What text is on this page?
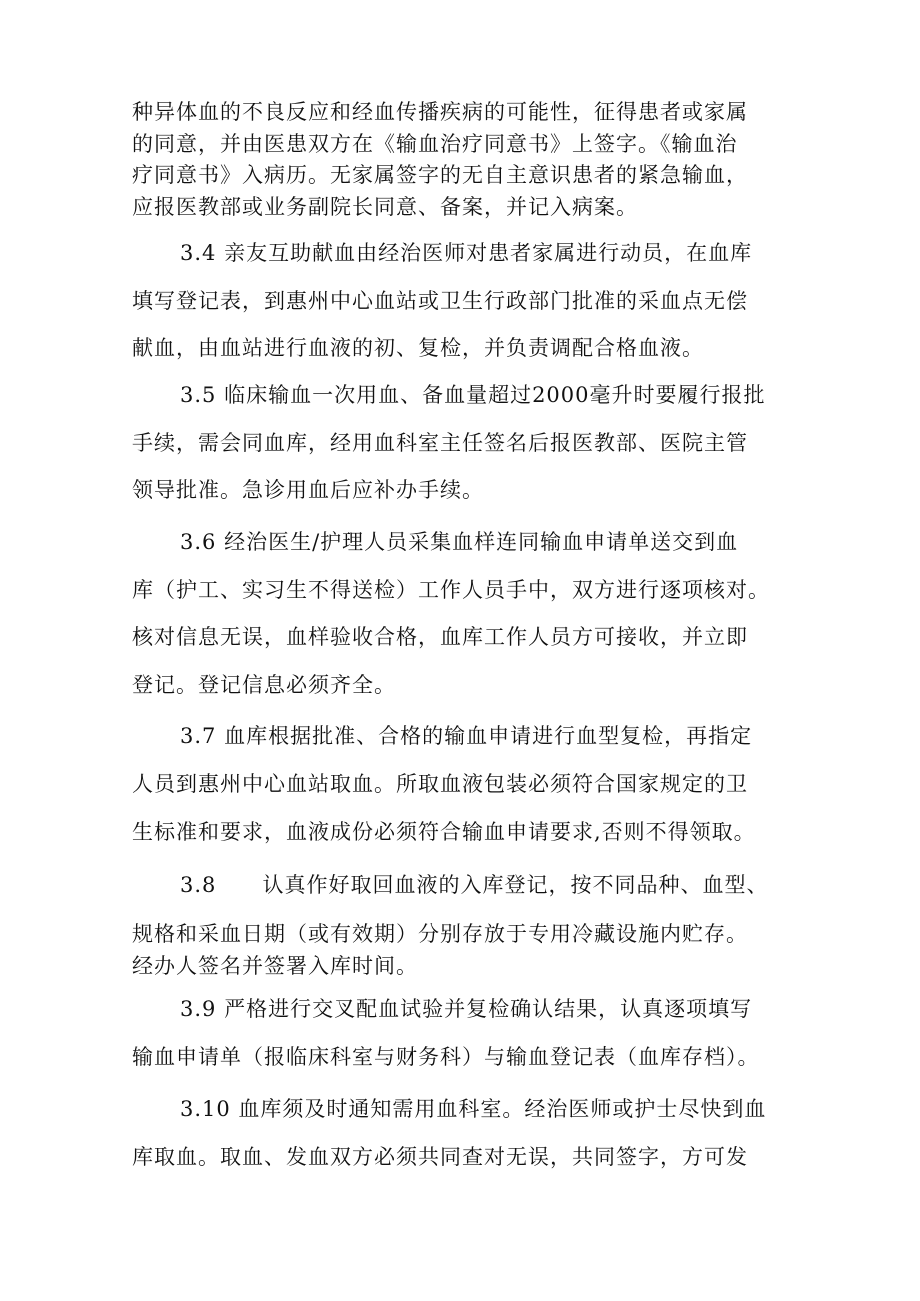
种异体血的不良反应和经血传播疾病的可能性，征得患者或家属
的同意，并由医患双方在《输血治疗同意书》上签字。《输血治
疗同意书》入病历。无家属签字的无自主意识患者的紧急输血，
应报医教部或业务副院长同意、备案，并记入病案。
3.4 亲友互助献血由经治医师对患者家属进行动员，在血库
填写登记表，到惠州中心血站或卫生行政部门批准的采血点无偿
献血，由血站进行血液的初、复检，并负责调配合格血液。
3.5 临床输血一次用血、备血量超过2000毫升时要履行报批
手续，需会同血库，经用血科室主任签名后报医教部、医院主管
领导批准。急诊用血后应补办手续。
3.6 经治医生/护理人员采集血样连同输血申请单送交到血
库（护工、实习生不得送检）工作人员手中，双方进行逐项核对。
核对信息无误，血样验收合格，血库工作人员方可接收，并立即
登记。登记信息必须齐全。
3.7 血库根据批准、合格的输血申请进行血型复检，再指定
人员到惠州中心血站取血。所取血液包装必须符合国家规定的卫
生标准和要求，血液成份必须符合输血申请要求,否则不得领取。
3.8      认真作好取回血液的入库登记，按不同品种、血型、
规格和采血日期（或有效期）分别存放于专用冷藏设施内贮存。
经办人签名并签署入库时间。
3.9 严格进行交叉配血试验并复检确认结果，认真逐项填写
输血申请单（报临床科室与财务科）与输血登记表（血库存档）。
3.10 血库须及时通知需用血科室。经治医师或护士尽快到血
库取血。取血、发血双方必须共同查对无误，共同签字，方可发
